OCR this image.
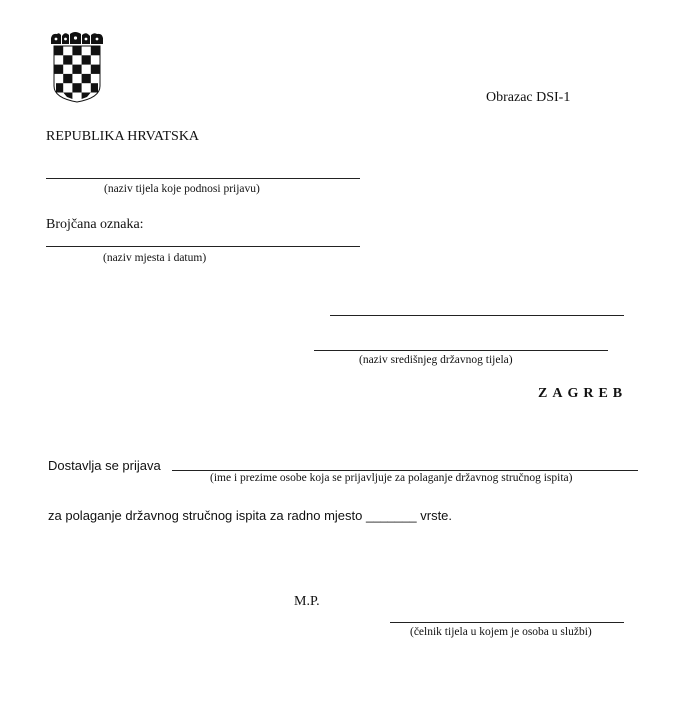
Obrazac DSI-1
REPUBLIKA HRVATSKA
(naziv tijela koje podnosi prijavu)
Brojčana oznaka:
(naziv mjesta i datum)
(naziv središnjeg državnog tijela)
ZAGREB
Dostavlja se prijava
(ime i prezime osobe koja se prijavljuje za polaganje državnog stručnog ispita)
za polaganje državnog stručnog ispita za radno mjesto _______ vrste.
M.P.
(čelnik tijela u kojem je osoba u službi)
